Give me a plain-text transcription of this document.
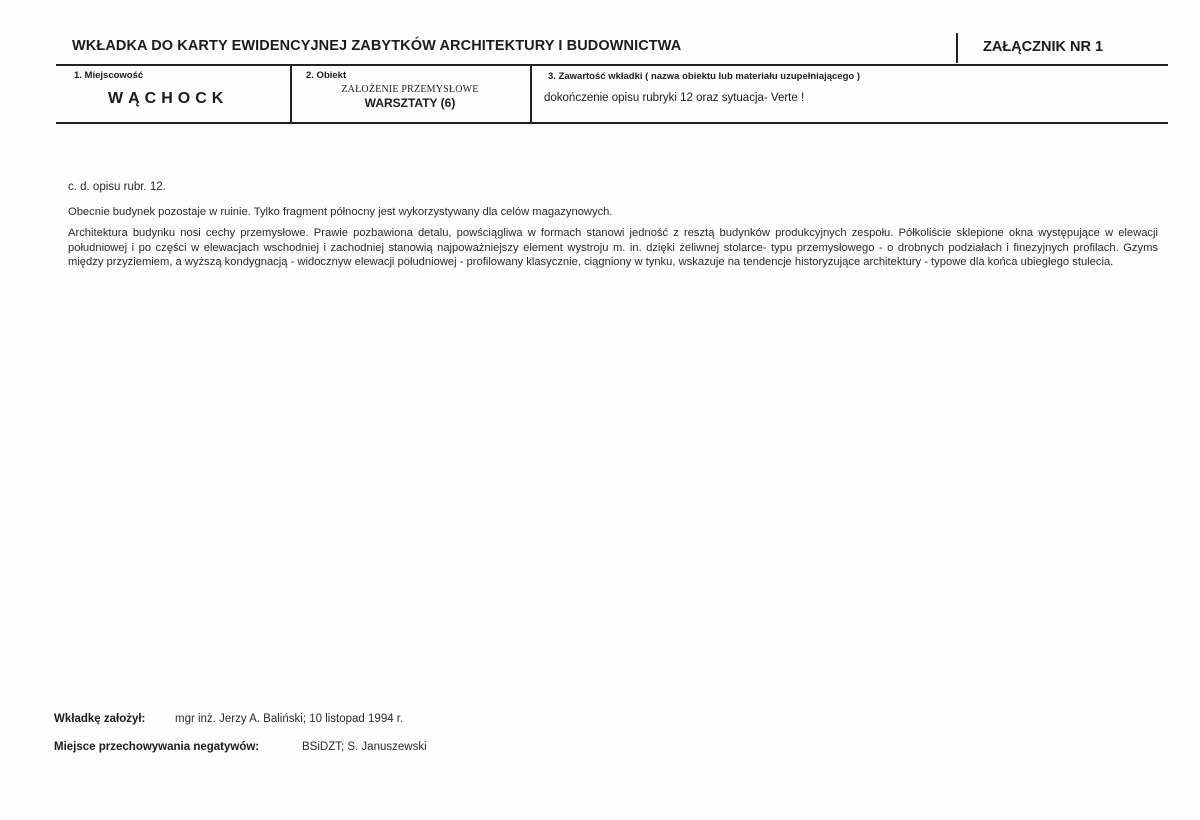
WKŁADKA DO KARTY EWIDENCYJNEJ ZABYTKÓW ARCHITEKTURY I BUDOWNICTWA	ZAŁĄCZNIK NR 1
1. Miejscowość
WĄCHOCK
2. Obiekt
ZAŁOŻENIE PRZEMYSŁOWE
WARSZTATY (6)
3. Zawartość wkładki ( nazwa obiektu lub materiału uzupełniającego )
dokończenie opisu rubryki 12 oraz sytuacja- Verte !

c. d. opisu rubr. 12.

Obecnie budynek pozostaje w ruinie. Tylko fragment północny jest wykorzystywany dla celów magazynowych.

Architektura budynku nosi cechy przemysłowe. Prawie pozbawiona detalu, powściągliwa w formach stanowi jedność z resztą budynków produkcyjnych zespołu. Półkoliście sklepione okna występujące w elewacji południowej i po części w elewacjach wschodniej i zachodniej stanowią najpoważniejszy element wystroju m. in. dzięki żeliwnej stolarce- typu przemysłowego - o drobnych podziałach i finezyjnych profilach. Gzyms między przyziemiem, a wyższą kondygnacją - widocznyw elewacji południowej - profilowany klasycznie, ciągniony w tynku, wskazuje na tendencje historyzujące architektury - typowe dla końca ubiegłego stulecia.

Wkładkę założył:	mgr inż. Jerzy A. Baliński; 10 listopad 1994 r.
Miejsce przechowywania negatywów:	BSiDZT; S. Januszewski
